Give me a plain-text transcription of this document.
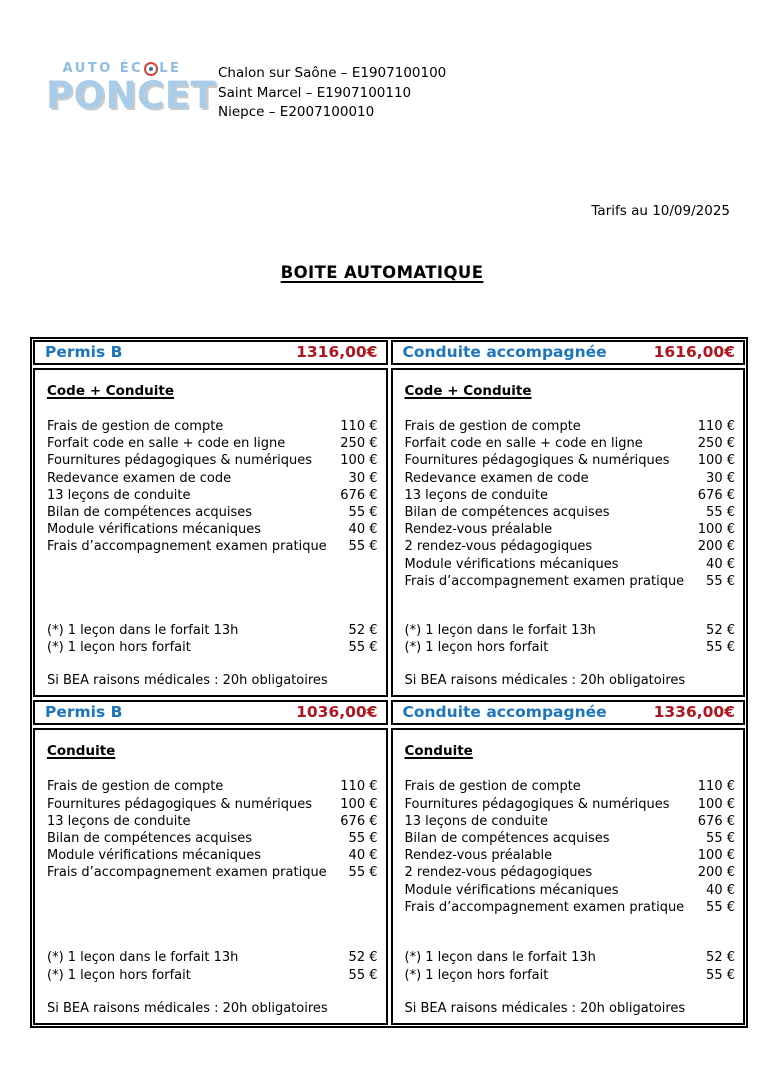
AUTO ÉC LE
PONCET
Chalon sur Saône – E1907100100
Saint Marcel – E1907100110
Niepce – E2007100010
Tarifs au 10/09/2025
BOITE AUTOMATIQUE
Permis B	1316,00€ Conduite accompagnée	1616,00€
Code + Conduite
Frais de gestion de compte	110 €
Forfait code en salle + code en ligne	250 €
Fournitures pédagogiques & numériques	100 €
Redevance examen de code	30 €
13 leçons de conduite	676 €
Bilan de compétences acquises	55 €
Module vérifications mécaniques	40 €
Frais d’accompagnement examen pratique	55 €
(*) 1 leçon dans le forfait 13h	52 €
(*) 1 leçon hors forfait	55 €
Si BEA raisons médicales : 20h obligatoires
Code + Conduite
Frais de gestion de compte	110 €
Forfait code en salle + code en ligne	250 €
Fournitures pédagogiques & numériques	100 €
Redevance examen de code	30 €
13 leçons de conduite	676 €
Bilan de compétences acquises	55 €
Rendez-vous préalable	100 €
2 rendez-vous pédagogiques	200 €
Module vérifications mécaniques	40 €
Frais d’accompagnement examen pratique	55 €
(*) 1 leçon dans le forfait 13h	52 €
(*) 1 leçon hors forfait	55 €
Si BEA raisons médicales : 20h obligatoires
Permis B	1036,00€ Conduite accompagnée	1336,00€
Conduite
Frais de gestion de compte	110 €
Fournitures pédagogiques & numériques	100 €
13 leçons de conduite	676 €
Bilan de compétences acquises	55 €
Module vérifications mécaniques	40 €
Frais d’accompagnement examen pratique	55 €
(*) 1 leçon dans le forfait 13h	52 €
(*) 1 leçon hors forfait	55 €
Si BEA raisons médicales : 20h obligatoires
Conduite
Frais de gestion de compte	110 €
Fournitures pédagogiques & numériques	100 €
13 leçons de conduite	676 €
Bilan de compétences acquises	55 €
Rendez-vous préalable	100 €
2 rendez-vous pédagogiques	200 €
Module vérifications mécaniques	40 €
Frais d’accompagnement examen pratique	55 €
(*) 1 leçon dans le forfait 13h	52 €
(*) 1 leçon hors forfait	55 €
Si BEA raisons médicales : 20h obligatoires
